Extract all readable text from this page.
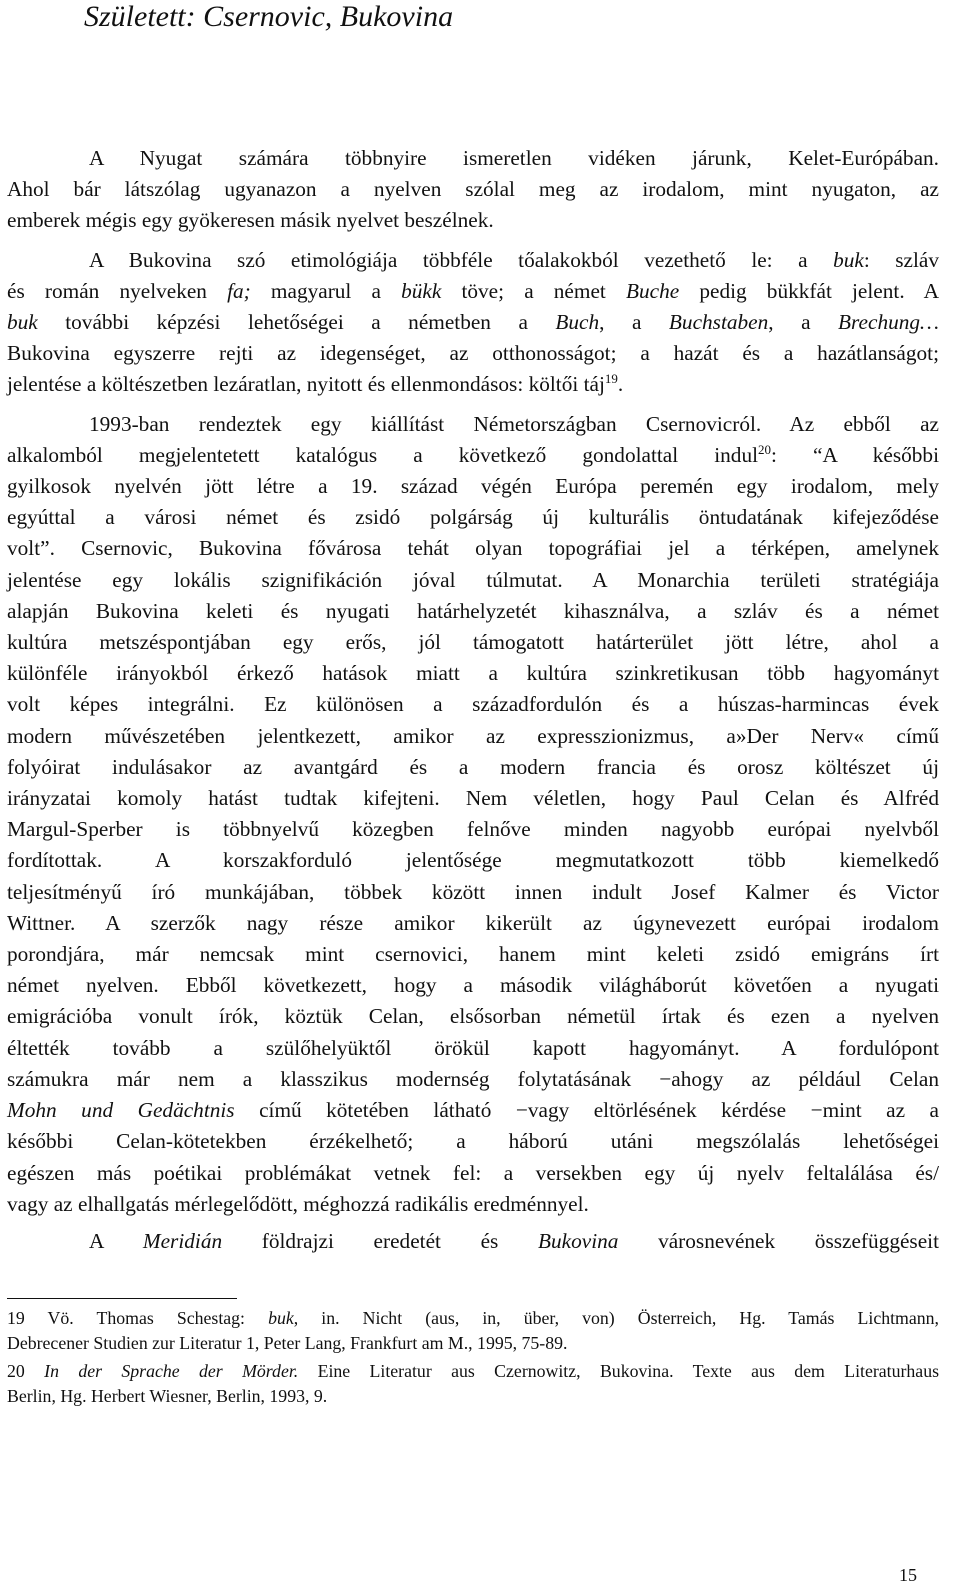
Született: Csernovic, Bukovina

A Nyugat számára többnyire ismeretlen vidéken járunk, Kelet-Európában.
Ahol bár látszólag ugyanazon a nyelven szólal meg az irodalom, mint nyugaton, az
emberek mégis egy gyökeresen másik nyelvet beszélnek.

A Bukovina szó etimológiája többféle tőalakokból vezethető le: a buk: szláv
és román nyelveken fa; magyarul a bükk töve; a német Buche pedig bükkfát jelent. A
buk további képzési lehetőségei a németben a Buch, a Buchstaben, a Brechung…
Bukovina egyszerre rejti az idegenséget, az otthonosságot; a hazát és a hazátlanságot;
jelentése a költészetben lezáratlan, nyitott és ellenmondásos: költői táj$^{19}$.

1993-ban rendeztek egy kiállítást Németországban Csernovicról. Az ebből az
alkalomból megjelentetett katalógus a következő gondolattal indul$^{20}$: “A későbbi
gyilkosok nyelvén jött létre a 19. század végén Európa peremén egy irodalom, mely
egyúttal a városi német és zsidó polgárság új kulturális öntudatának kifejeződése
volt”. Csernovic, Bukovina fővárosa tehát olyan topográfiai jel a térképen, amelynek
jelentése egy lokális szignifikáción jóval túlmutat. A Monarchia területi stratégiája
alapján Bukovina keleti és nyugati határhelyzetét kihasználva, a szláv és a német
kultúra metszéspontjában egy erős, jól támogatott határterület jött létre, ahol a
különféle irányokból érkező hatások miatt a kultúra szinkretikusan több hagyományt
volt képes integrálni. Ez különösen a századfordulón és a húszas-harmincas évek
modern művészetében jelentkezett, amikor az expresszionizmus, a»Der Nerv« című
folyóirat indulásakor az avantgárd és a modern francia és orosz költészet új
irányzatai komoly hatást tudtak kifejteni. Nem véletlen, hogy Paul Celan és Alfréd
Margul-Sperber is többnyelvű közegben felnőve minden nagyobb európai nyelvből
fordítottak. A korszakforduló jelentősége megmutatkozott több kiemelkedő
teljesítményű író munkájában, többek között innen indult Josef Kalmer és Victor
Wittner. A szerzők nagy része amikor kikerült az úgynevezett európai irodalom
porondjára, már nemcsak mint csernovici, hanem mint keleti zsidó emigráns írt
német nyelven. Ebből következett, hogy a második világháborút követően a nyugati
emigrációba vonult írók, köztük Celan, elsősorban németül írtak és ezen a nyelven
éltették tovább a szülőhelyüktől örökül kapott hagyományt. A fordulópont
számukra már nem a klasszikus modernség folytatásának −ahogy az például Celan
Mohn und Gedächtnis című kötetében látható −vagy eltörlésének kérdése −mint az a
későbbi Celan-kötetekben érzékelhető; a háború utáni megszólalás lehetőségei
egészen más poétikai problémákat vetnek fel: a versekben egy új nyelv feltalálása és/
vagy az elhallgatás mérlegelődött, méghozzá radikális eredménnyel.

A Meridián földrajzi eredetét és Bukovina városnevének összefüggéseit

19 Vö. Thomas Schestag: buk, in. Nicht (aus, in, über, von) Österreich, Hg. Tamás Lichtmann,
Debrecener Studien zur Literatur 1, Peter Lang, Frankfurt am M., 1995, 75-89.
20 In der Sprache der Mörder. Eine Literatur aus Czernowitz, Bukovina. Texte aus dem Literaturhaus
Berlin, Hg. Herbert Wiesner, Berlin, 1993, 9.
15
